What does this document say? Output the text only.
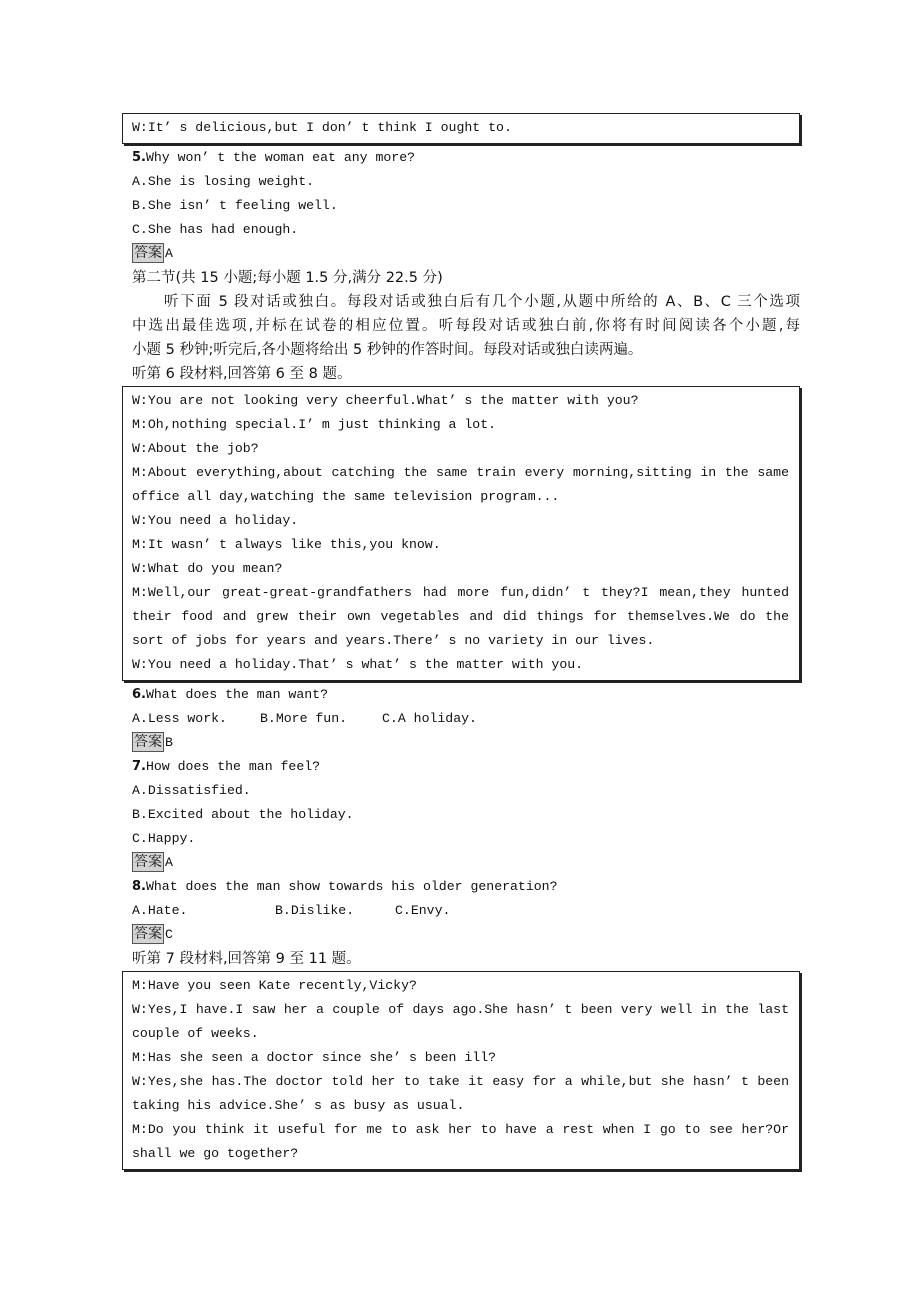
W:It’ s delicious,but I don’ t think I ought to.
5.Why won’ t the woman eat any more?
A.She is losing weight.
B.She isn’ t feeling well.
C.She has had enough.
答案 A
第二节(共 15 小题;每小题 1.5 分,满分 22.5 分)
听下面 5 段对话或独白。每段对话或独白后有几个小题,从题中所给的 A、B、C 三个选项
中选出最佳选项,并标在试卷的相应位置。听每段对话或独白前,你将有时间阅读各个小题,每
小题 5 秒钟;听完后,各小题将给出 5 秒钟的作答时间。每段对话或独白读两遍。
听第 6 段材料,回答第 6 至 8 题。
W:You are not looking very cheerful.What’ s the matter with you?
M:Oh,nothing special.I’ m just thinking a lot.
W:About the job?
M:About everything,about catching the same train every morning,sitting in the same
office all day,watching the same television program...
W:You need a holiday.
M:It wasn’ t always like this,you know.
W:What do you mean?
M:Well,our great-great-grandfathers had more fun,didn’ t they?I mean,they hunted
their food and grew their own vegetables and did things for themselves.We do the
sort of jobs for years and years.There’ s no variety in our lives.
W:You need a holiday.That’ s what’ s the matter with you.
6.What does the man want?
A.Less work.	B.More fun.	C.A holiday.
答案 B
7.How does the man feel?
A.Dissatisfied.
B.Excited about the holiday.
C.Happy.
答案 A
8.What does the man show towards his older generation?
A.Hate.	B.Dislike.	C.Envy.
答案 C
听第 7 段材料,回答第 9 至 11 题。
M:Have you seen Kate recently,Vicky?
W:Yes,I have.I saw her a couple of days ago.She hasn’ t been very well in the last
couple of weeks.
M:Has she seen a doctor since she’ s been ill?
W:Yes,she has.The doctor told her to take it easy for a while,but she hasn’ t been
taking his advice.She’ s as busy as usual.
M:Do you think it useful for me to ask her to have a rest when I go to see her?Or
shall we go together?
